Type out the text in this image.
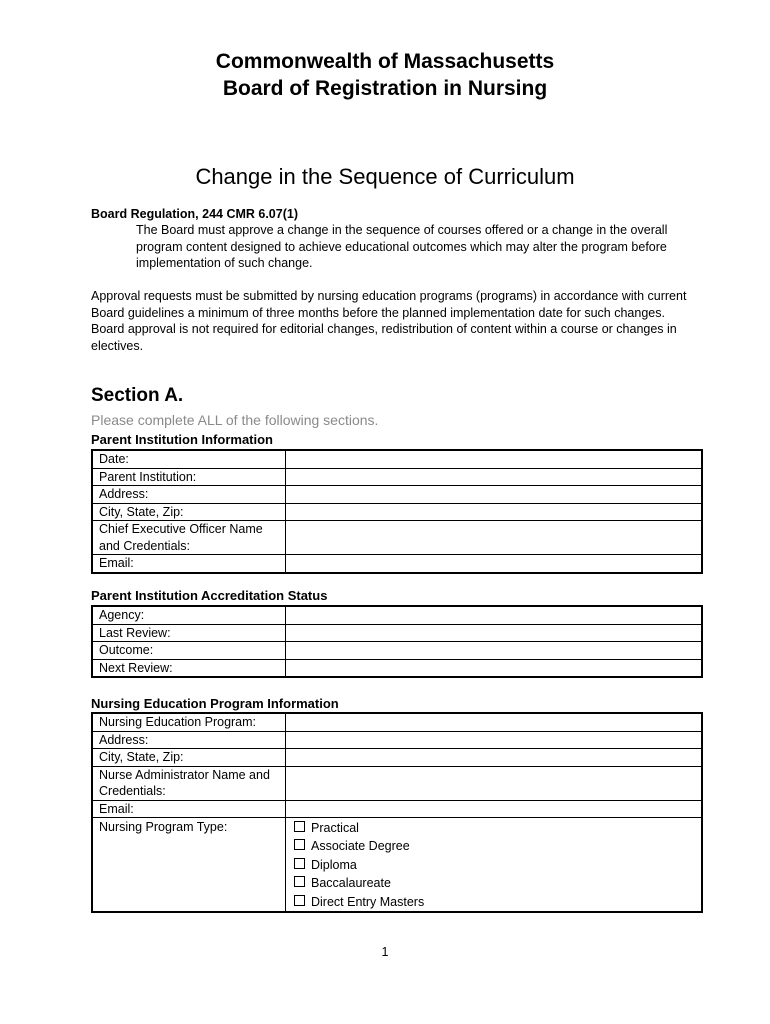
Commonwealth of Massachusetts
Board of Registration in Nursing
Change in the Sequence of Curriculum
Board Regulation, 244 CMR 6.07(1)
The Board must approve a change in the sequence of courses offered or a change in the overall program content designed to achieve educational outcomes which may alter the program before implementation of such change.
Approval requests must be submitted by nursing education programs (programs) in accordance with current Board guidelines a minimum of three months before the planned implementation date for such changes. Board approval is not required for editorial changes, redistribution of content within a course or changes in electives.
Section A.
Please complete ALL of the following sections.
Parent Institution Information
Date:	
Parent Institution:	
Address:	
City, State, Zip:	
Chief Executive Officer Name and Credentials:	
Email:	
Parent Institution Accreditation Status
Agency:	
Last Review:	
Outcome:	
Next Review:	
Nursing Education Program Information
Nursing Education Program:	
Address:	
City, State, Zip:	
Nurse Administrator Name and Credentials:	
Email:	
Nursing Program Type:	Practical
Associate Degree
Diploma
Baccalaureate
Direct Entry Masters
1
